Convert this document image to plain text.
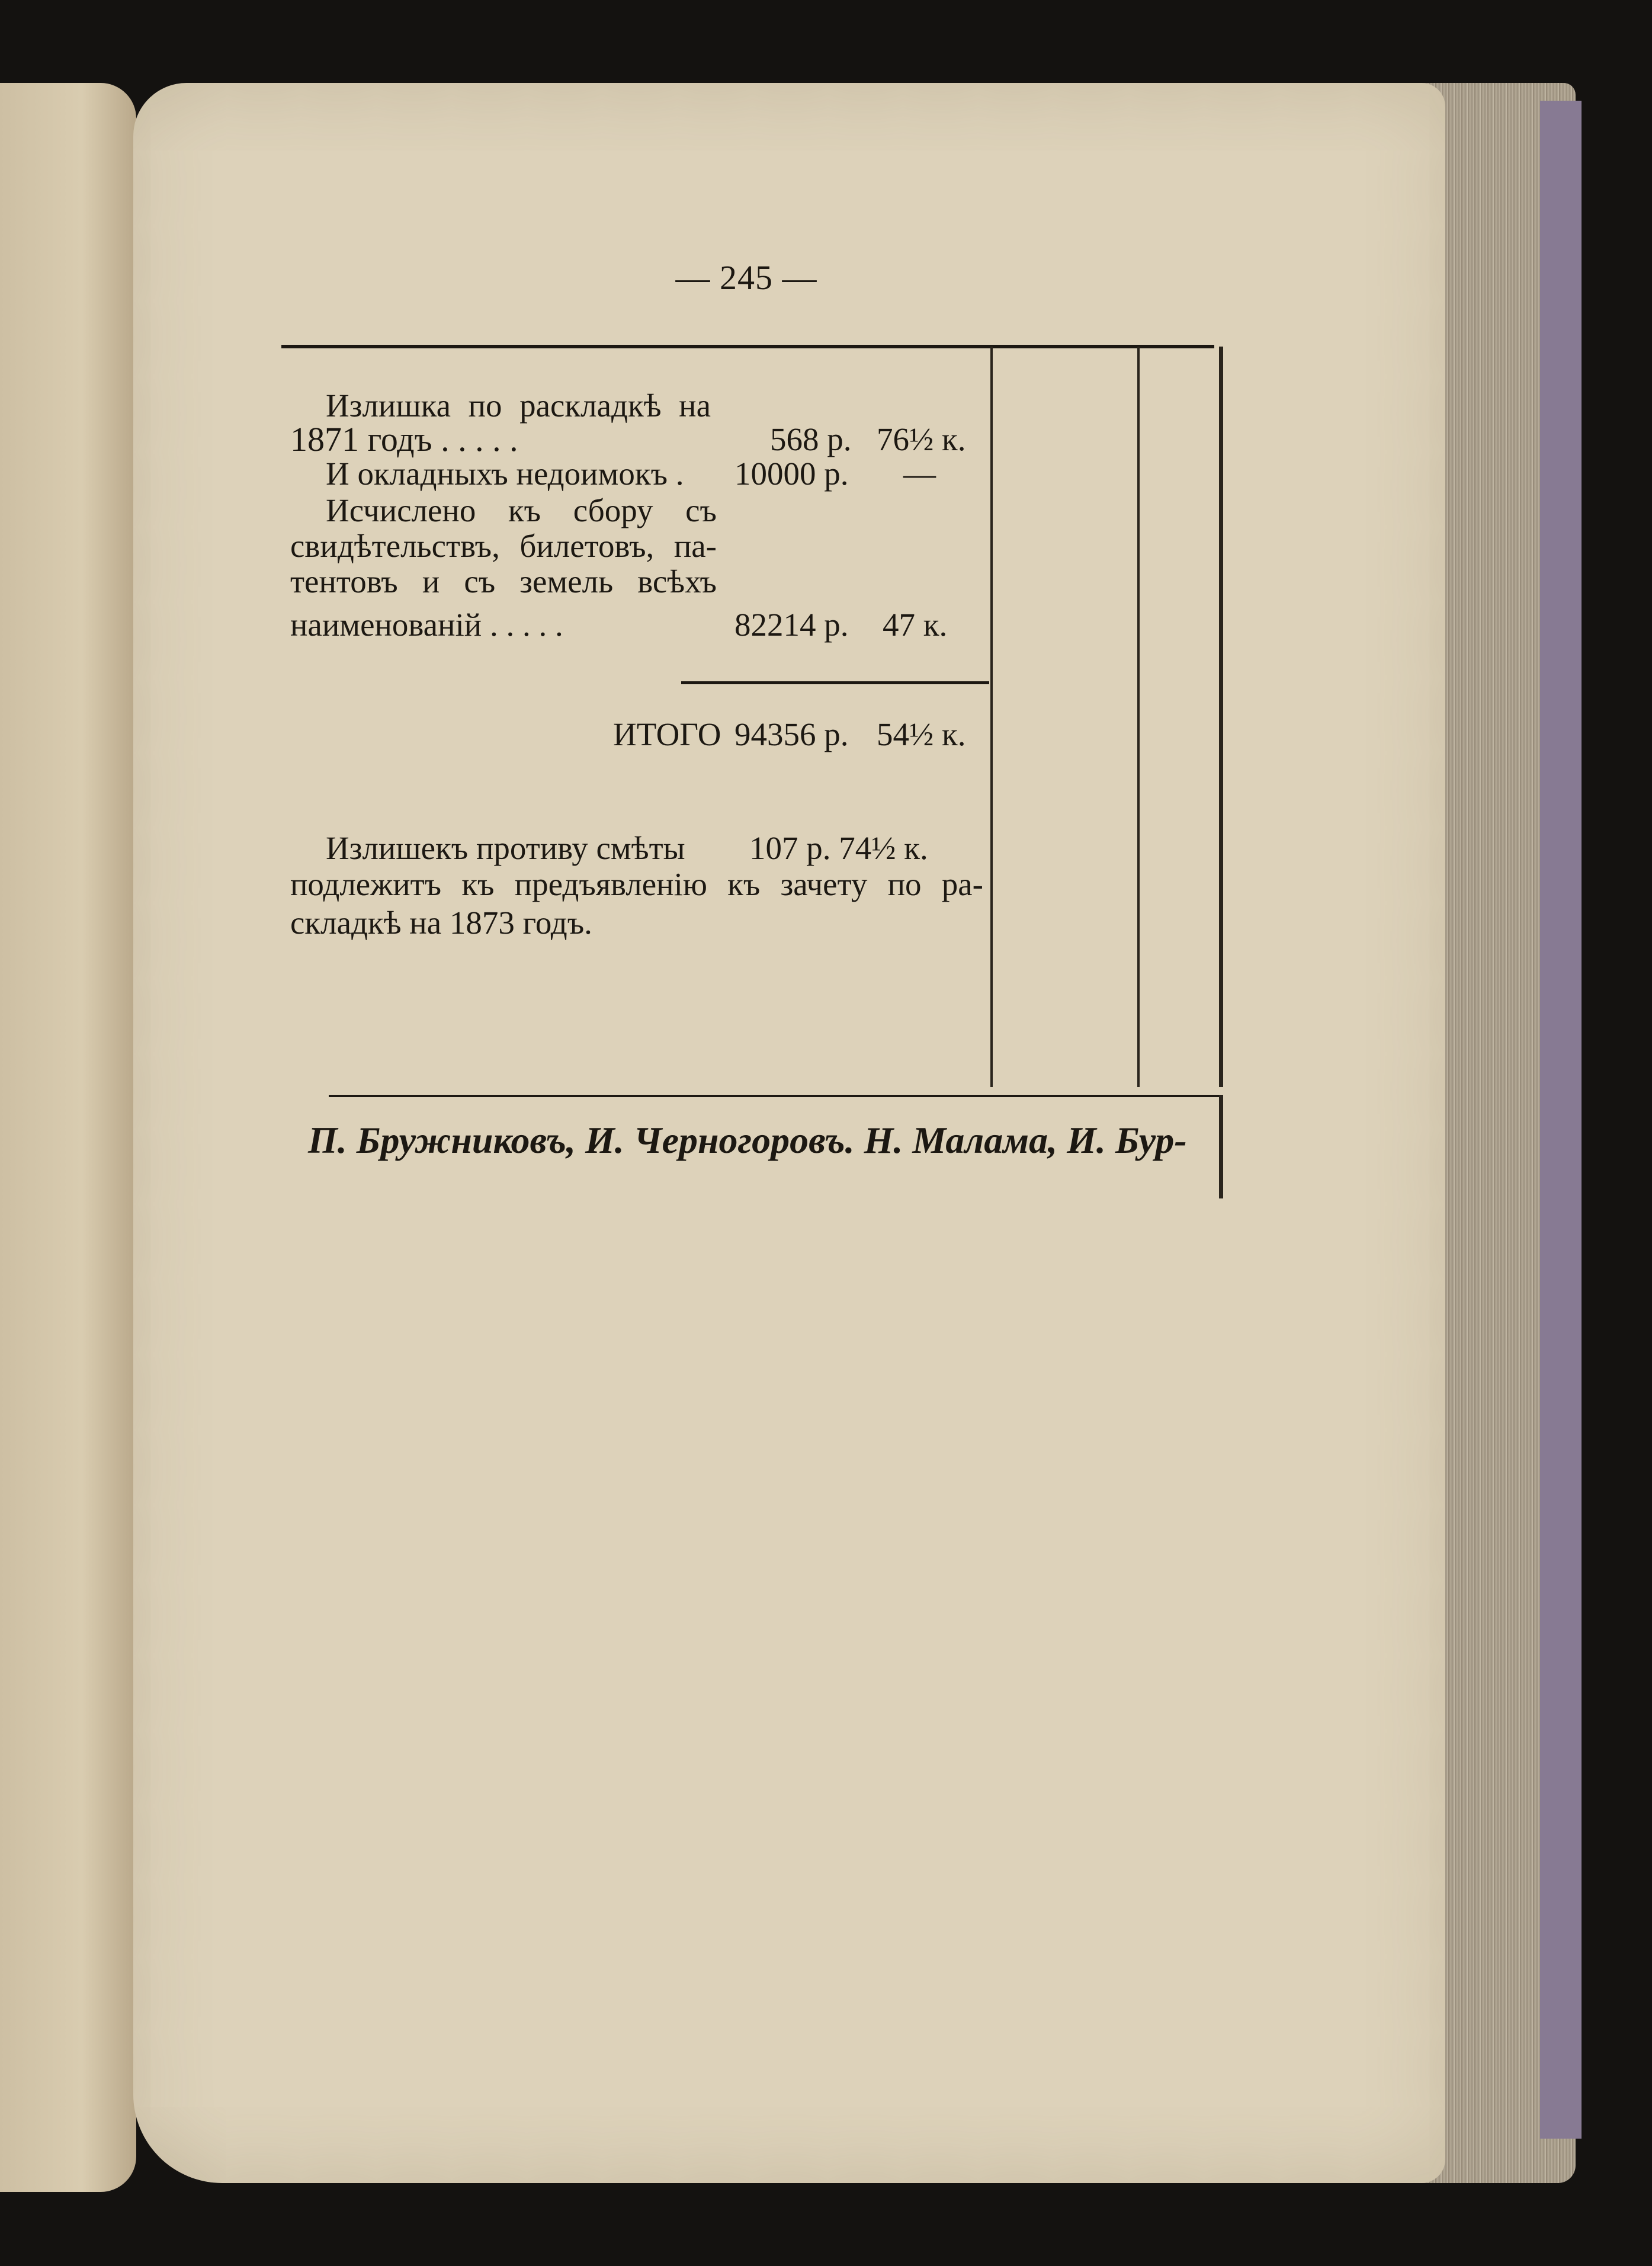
— 245 —
Излишка по раскладкѣ на
1871 годъ . . . . .	568 р. 76½ к.
И окладныхъ недоимокъ .	10000 р. —
Исчислено къ сбору съ
свидѣтельствъ, билетовъ, па-
тентовъ и съ земель всѣхъ
наименованій . . . . .	82214 р. 47 к.
ИТОГО 94356 р. 54½ к.
Излишекъ противу смѣты	107 р. 74½ к.
подлежитъ къ предъявленію къ зачету по ра-
складкѣ на 1873 годъ.
П. Бружниковъ, И. Черногоровъ. Н. Малама, И. Бур-
